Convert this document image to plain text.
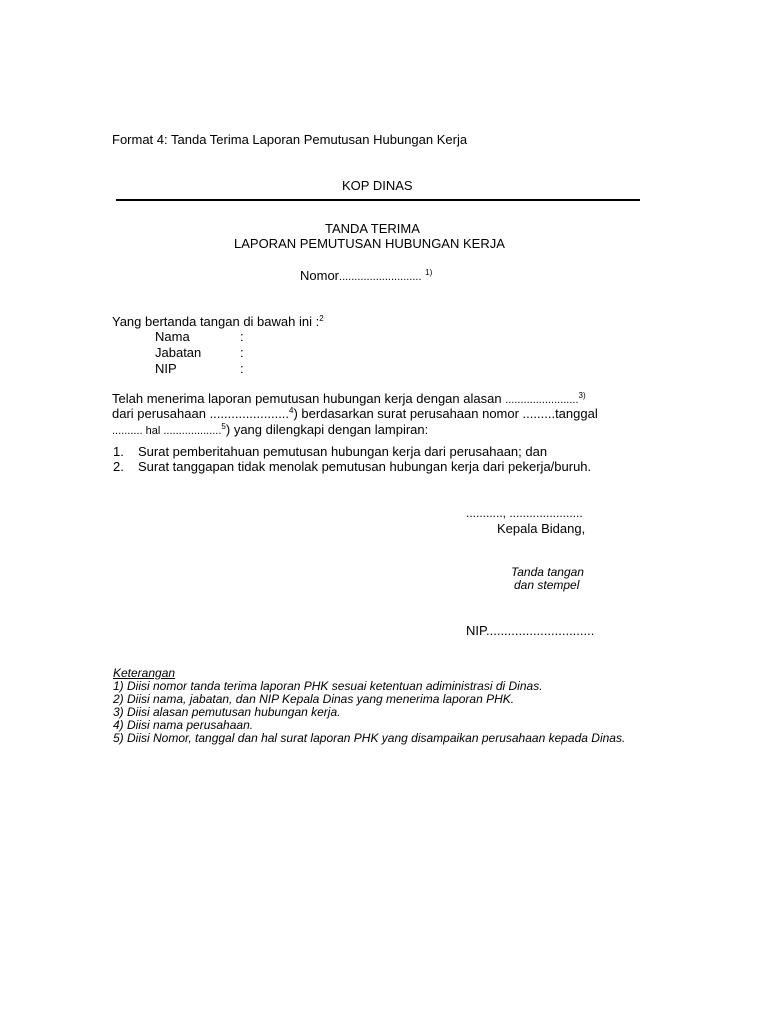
Format 4: Tanda Terima Laporan Pemutusan Hubungan Kerja
KOP DINAS
TANDA TERIMA
LAPORAN PEMUTUSAN HUBUNGAN KERJA
Nomor........................... $^{1)}$
Yang bertanda tangan di bawah ini :$^2$
Nama	:
Jabatan	:
NIP	:
Telah menerima laporan pemutusan hubungan kerja dengan alasan ........................$^{3)}$
dari perusahaan ......................$^4$) berdasarkan surat perusahaan nomor .........tanggal
.......... hal ...................$^5$) yang dilengkapi dengan lampiran:
1. Surat pemberitahuan pemutusan hubungan kerja dari perusahaan; dan
2. Surat tanggapan tidak menolak pemutusan hubungan kerja dari pekerja/buruh.
..........., ......................
Kepala Bidang,
Tanda tangan
dan stempel
NIP..............................
Keterangan
1) Diisi nomor tanda terima laporan PHK sesuai ketentuan adiministrasi di Dinas.
2) Diisi nama, jabatan, dan NIP Kepala Dinas yang menerima laporan PHK.
3) Diisi alasan pemutusan hubungan kerja.
4) Diisi nama perusahaan.
5) Diisi Nomor, tanggal dan hal surat laporan PHK yang disampaikan perusahaan kepada Dinas.
